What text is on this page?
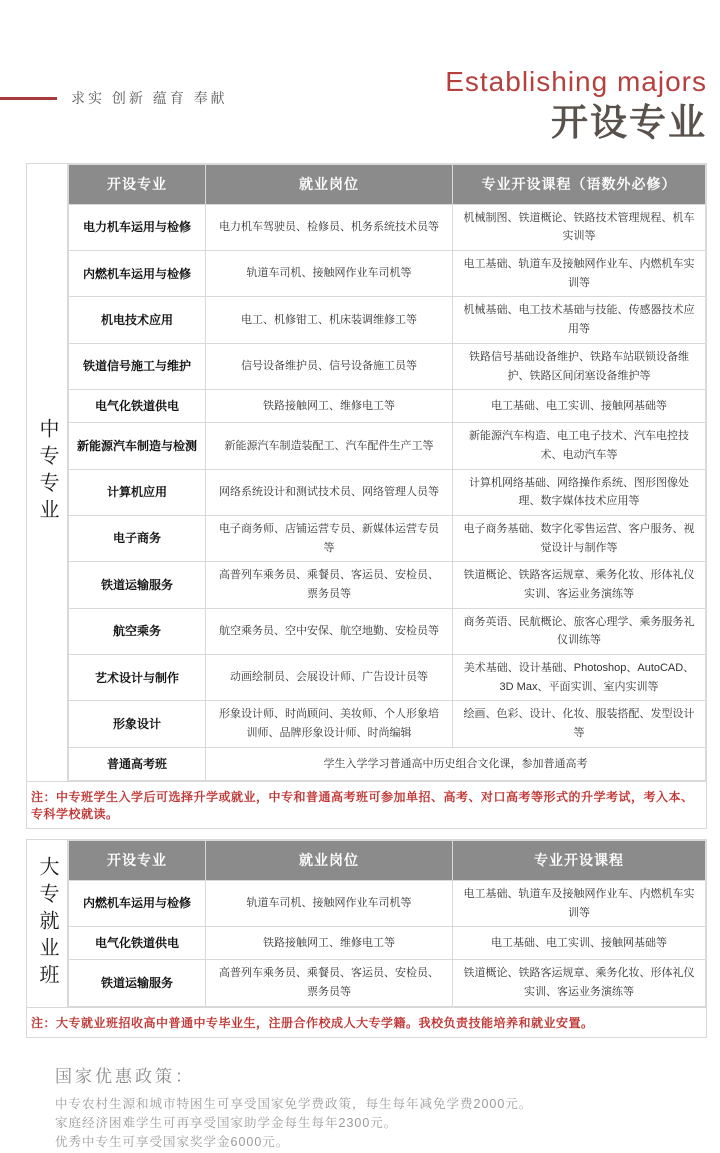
求实 创新 蕴育 奉献
Establishing majors
开设专业
中专专业
开设专业	就业岗位	专业开设课程（语数外必修）
电力机车运用与检修	电力机车驾驶员、检修员、机务系统技术员等	机械制图、铁道概论、铁路技术管理规程、机车实训等
内燃机车运用与检修	轨道车司机、接触网作业车司机等	电工基础、轨道车及接触网作业车、内燃机车实训等
机电技术应用	电工、机修钳工、机床装调维修工等	机械基础、电工技术基础与技能、传感器技术应用等
铁道信号施工与维护	信号设备维护员、信号设备施工员等	铁路信号基础设备维护、铁路车站联锁设备维护、铁路区间闭塞设备维护等
电气化铁道供电	铁路接触网工、维修电工等	电工基础、电工实训、接触网基础等
新能源汽车制造与检测	新能源汽车制造装配工、汽车配件生产工等	新能源汽车构造、电工电子技术、汽车电控技术、电动汽车等
计算机应用	网络系统设计和测试技术员、网络管理人员等	计算机网络基础、网络操作系统、图形图像处理、数字媒体技术应用等
电子商务	电子商务师、店铺运营专员、新媒体运营专员等	电子商务基础、数字化零售运营、客户服务、视觉设计与制作等
铁道运输服务	高普列车乘务员、乘餐员、客运员、安检员、票务员等	铁道概论、铁路客运规章、乘务化妆、形体礼仪实训、客运业务演练等
航空乘务	航空乘务员、空中安保、航空地勤、安检员等	商务英语、民航概论、旅客心理学、乘务服务礼仪训练等
艺术设计与制作	动画绘制员、会展设计师、广告设计员等	美术基础、设计基础、Photoshop、AutoCAD、3D Max、平面实训、室内实训等
形象设计	形象设计师、时尚顾问、美妆师、个人形象培训师、品牌形象设计师、时尚编辑	绘画、色彩、设计、化妆、服装搭配、发型设计等
普通高考班	学生入学学习普通高中历史组合文化课，参加普通高考	
注：中专班学生入学后可选择升学或就业，中专和普通高考班可参加单招、高考、对口高考等形式的升学考试，考入本、专科学校就读。
大专就业班	开设专业	就业岗位	专业开设课程
内燃机车运用与检修	轨道车司机、接触网作业车司机等	电工基础、轨道车及接触网作业车、内燃机车实训等
电气化铁道供电	铁路接触网工、维修电工等	电工基础、电工实训、接触网基础等
铁道运输服务	高普列车乘务员、乘餐员、客运员、安检员、票务员等	铁道概论、铁路客运规章、乘务化妆、形体礼仪实训、客运业务演练等
注：大专就业班招收高中普通中专毕业生，注册合作校成人大专学籍。我校负责技能培养和就业安置。
国家优惠政策：
中专农村生源和城市特困生可享受国家免学费政策，每生每年减免学费2000元。
家庭经济困难学生可再享受国家助学金每生每年2300元。
优秀中专生可享受国家奖学金6000元。
